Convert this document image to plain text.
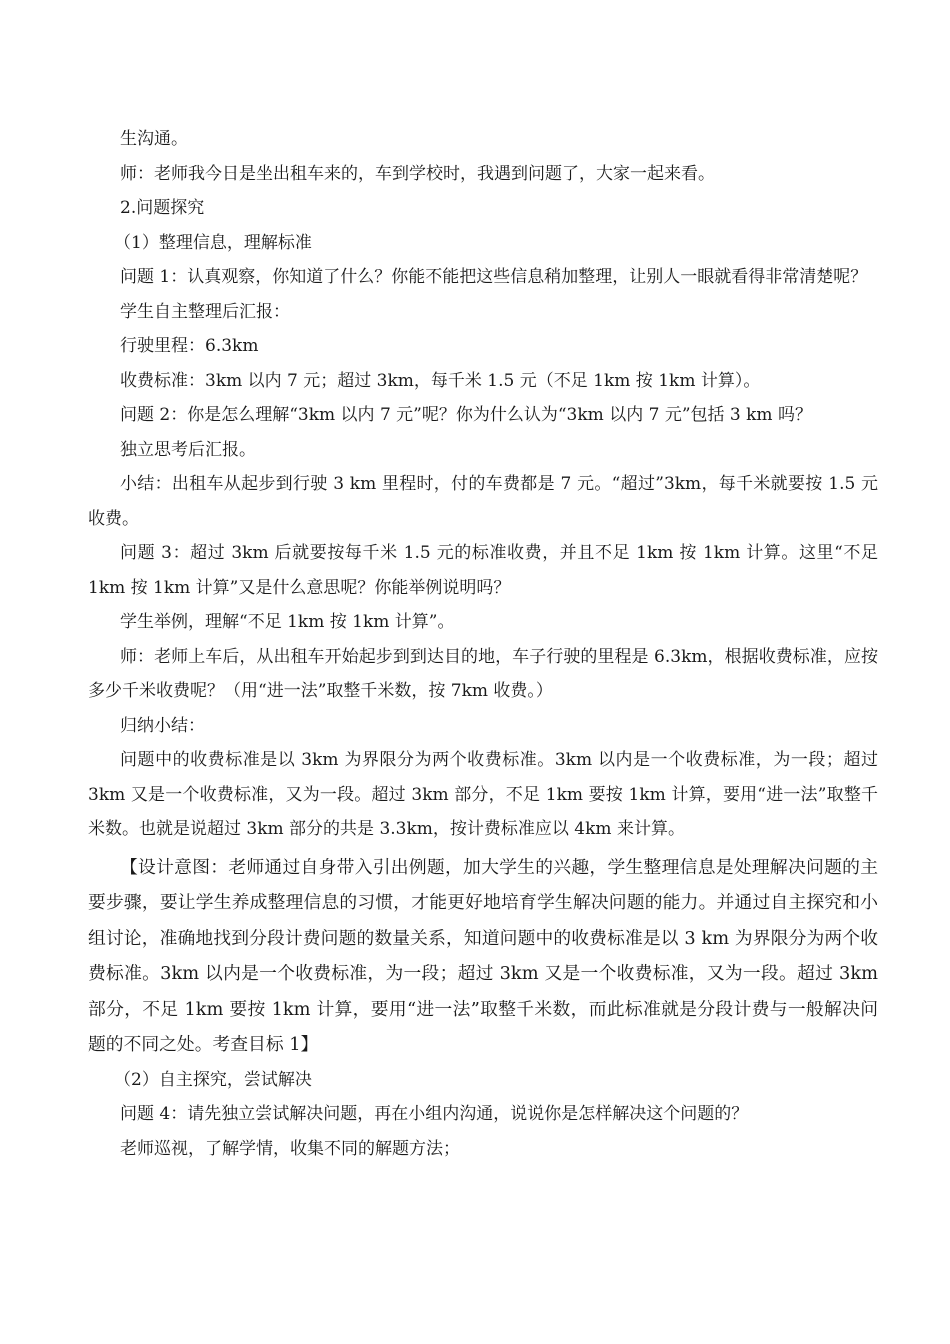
生沟通。

师：老师我今日是坐出租车来的，车到学校时，我遇到问题了，大家一起来看。

2.问题探究

（1）整理信息，理解标准

问题 1：认真观察，你知道了什么？你能不能把这些信息稍加整理，让别人一眼就看得非常清楚呢？

学生自主整理后汇报：

行驶里程：6.3km

收费标准：3km 以内 7 元；超过 3km，每千米 1.5 元（不足 1km 按 1km 计算）。

问题 2：你是怎么理解“3km 以内 7 元”呢？你为什么认为“3km 以内 7 元”包括 3 km 吗？

独立思考后汇报。

小结：出租车从起步到行驶 3 km 里程时，付的车费都是 7 元。“超过”3km，每千米就要按 1.5 元收费。

问题 3：超过 3km 后就要按每千米 1.5 元的标准收费，并且不足 1km 按 1km 计算。这里“不足 1km 按 1km 计算”又是什么意思呢？你能举例说明吗？

学生举例，理解“不足 1km 按 1km 计算”。

师：老师上车后，从出租车开始起步到到达目的地，车子行驶的里程是 6.3km，根据收费标准，应按多少千米收费呢？（用“进一法”取整千米数，按 7km 收费。）

归纳小结：

问题中的收费标准是以 3km 为界限分为两个收费标准。3km 以内是一个收费标准，为一段；超过 3km 又是一个收费标准，又为一段。超过 3km 部分，不足 1km 要按 1km 计算，要用“进一法”取整千米数。也就是说超过 3km 部分的共是 3.3km，按计费标准应以 4km 来计算。

【设计意图：老师通过自身带入引出例题，加大学生的兴趣，学生整理信息是处理解决问题的主要步骤，要让学生养成整理信息的习惯，才能更好地培育学生解决问题的能力。并通过自主探究和小组讨论，准确地找到分段计费问题的数量关系，知道问题中的收费标准是以 3 km 为界限分为两个收费标准。3km 以内是一个收费标准，为一段；超过 3km 又是一个收费标准，又为一段。超过 3km 部分，不足 1km 要按 1km 计算，要用“进一法”取整千米数，而此标准就是分段计费与一般解决问题的不同之处。考查目标 1】

（2）自主探究，尝试解决

问题 4：请先独立尝试解决问题，再在小组内沟通，说说你是怎样解决这个问题的？

老师巡视，了解学情，收集不同的解题方法；
